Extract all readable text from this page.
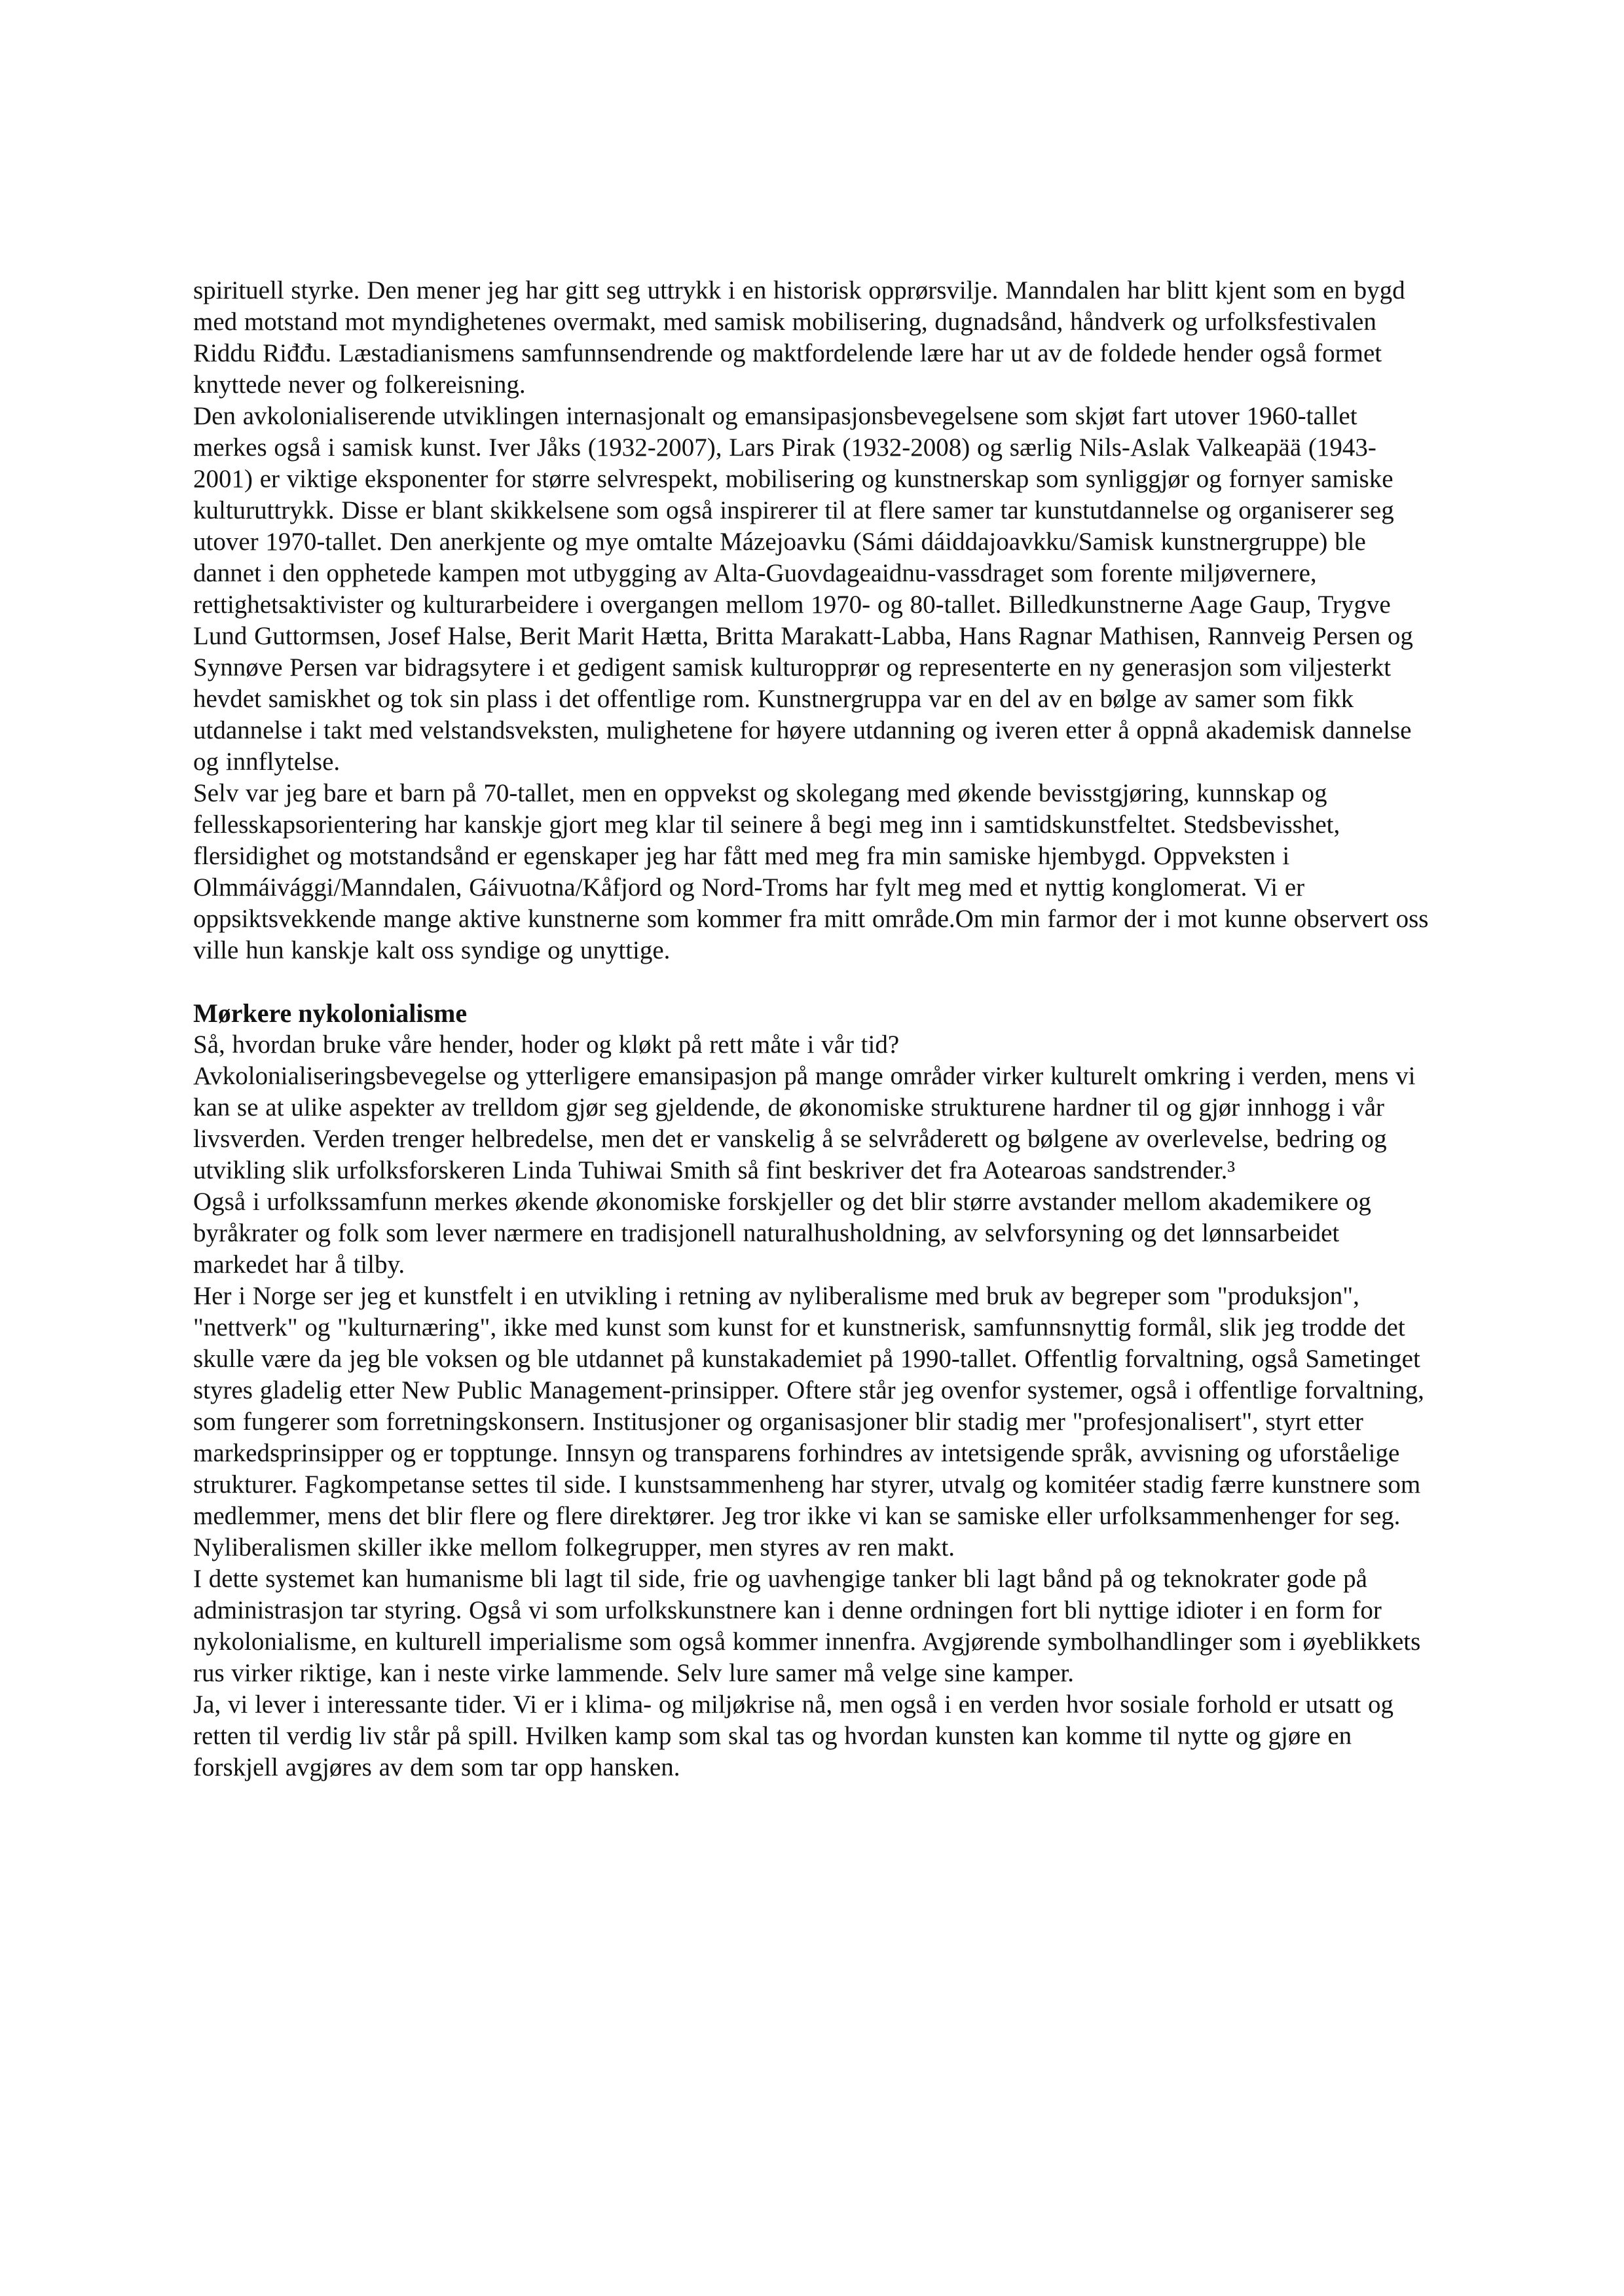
spirituell styrke. Den mener jeg har gitt seg uttrykk i en historisk opprørsvilje. Manndalen har blitt kjent som en bygd med motstand mot myndighetenes overmakt, med samisk mobilisering, dugnadsånd, håndverk og urfolksfestivalen Riddu Riđđu. Læstadianismens samfunnsendrende og maktfordelende lære har ut av de foldede hender også formet knyttede never og folkereisning.

Den avkolonialiserende utviklingen internasjonalt og emansipasjonsbevegelsene som skjøt fart utover 1960-tallet merkes også i samisk kunst. Iver Jåks (1932-2007), Lars Pirak (1932-2008) og særlig Nils-Aslak Valkeapää (1943-2001) er viktige eksponenter for større selvrespekt, mobilisering og kunstnerskap som synliggjør og fornyer samiske kulturuttrykk. Disse er blant skikkelsene som også inspirerer til at flere samer tar kunstutdannelse og organiserer seg utover 1970-tallet. Den anerkjente og mye omtalte Mázejoavku (Sámi dáiddajoavkku/Samisk kunstnergruppe) ble dannet i den opphetede kampen mot utbygging av Alta-Guovdageaidnu-vassdraget som forente miljøvernere, rettighetsaktivister og kulturarbeidere i overgangen mellom 1970- og 80-tallet. Billedkunstnerne Aage Gaup, Trygve Lund Guttormsen, Josef Halse, Berit Marit Hætta, Britta Marakatt-Labba, Hans Ragnar Mathisen, Rannveig Persen og Synnøve Persen var bidragsytere i et gedigent samisk kulturopprør og representerte en ny generasjon som viljesterkt hevdet samiskhet og tok sin plass i det offentlige rom. Kunstnergruppa var en del av en bølge av samer som fikk utdannelse i takt med velstandsveksten, mulighetene for høyere utdanning og iveren etter å oppnå akademisk dannelse og innflytelse.

Selv var jeg bare et barn på 70-tallet, men en oppvekst og skolegang med økende bevisstgjøring, kunnskap og fellesskapsorientering har kanskje gjort meg klar til seinere å begi meg inn i samtidskunstfeltet. Stedsbevisshet, flersidighet og motstandsånd er egenskaper jeg har fått med meg fra min samiske hjembygd. Oppveksten i Olmmáivággi/Manndalen, Gáivuotna/Kåfjord og Nord-Troms har fylt meg med et nyttig konglomerat. Vi er oppsiktsvekkende mange aktive kunstnerne som kommer fra mitt område.Om min farmor der i mot kunne observert oss ville hun kanskje kalt oss syndige og unyttige.

Mørkere nykolonialisme

Så, hvordan bruke våre hender, hoder og kløkt på rett måte i vår tid?

Avkolonialiseringsbevegelse og ytterligere emansipasjon på mange områder virker kulturelt omkring i verden, mens vi kan se at ulike aspekter av trelldom gjør seg gjeldende, de økonomiske strukturene hardner til og gjør innhogg i vår livsverden. Verden trenger helbredelse, men det er vanskelig å se selvråderett og bølgene av overlevelse, bedring og utvikling slik urfolksforskeren Linda Tuhiwai Smith så fint beskriver det fra Aotearoas sandstrender.³

Også i urfolkssamfunn merkes økende økonomiske forskjeller og det blir større avstander mellom akademikere og byråkrater og folk som lever nærmere en tradisjonell naturalhusholdning, av selvforsyning og det lønnsarbeidet markedet har å tilby.

Her i Norge ser jeg et kunstfelt i en utvikling i retning av nyliberalisme med bruk av begreper som "produksjon", "nettverk" og "kulturnæring", ikke med kunst som kunst for et kunstnerisk, samfunnsnyttig formål, slik jeg trodde det skulle være da jeg ble voksen og ble utdannet på kunstakademiet på 1990-tallet. Offentlig forvaltning, også Sametinget styres gladelig etter New Public Management-prinsipper. Oftere står jeg ovenfor systemer, også i offentlige forvaltning, som fungerer som forretningskonsern. Institusjoner og organisasjoner blir stadig mer "profesjonalisert", styrt etter markedsprinsipper og er topptunge. Innsyn og transparens forhindres av intetsigende språk, avvisning og uforståelige strukturer. Fagkompetanse settes til side. I kunstsammenheng har styrer, utvalg og komitéer stadig færre kunstnere som medlemmer, mens det blir flere og flere direktører. Jeg tror ikke vi kan se samiske eller urfolksammenhenger for seg. Nyliberalismen skiller ikke mellom folkegrupper, men styres av ren makt.

I dette systemet kan humanisme bli lagt til side, frie og uavhengige tanker bli lagt bånd på og teknokrater gode på administrasjon tar styring. Også vi som urfolkskunstnere kan i denne ordningen fort bli nyttige idioter i en form for nykolonialisme, en kulturell imperialisme som også kommer innenfra. Avgjørende symbolhandlinger som i øyeblikkets rus virker riktige, kan i neste virke lammende. Selv lure samer må velge sine kamper.

Ja, vi lever i interessante tider. Vi er i klima- og miljøkrise nå, men også i en verden hvor sosiale forhold er utsatt og retten til verdig liv står på spill. Hvilken kamp som skal tas og hvordan kunsten kan komme til nytte og gjøre en forskjell avgjøres av dem som tar opp hansken.
